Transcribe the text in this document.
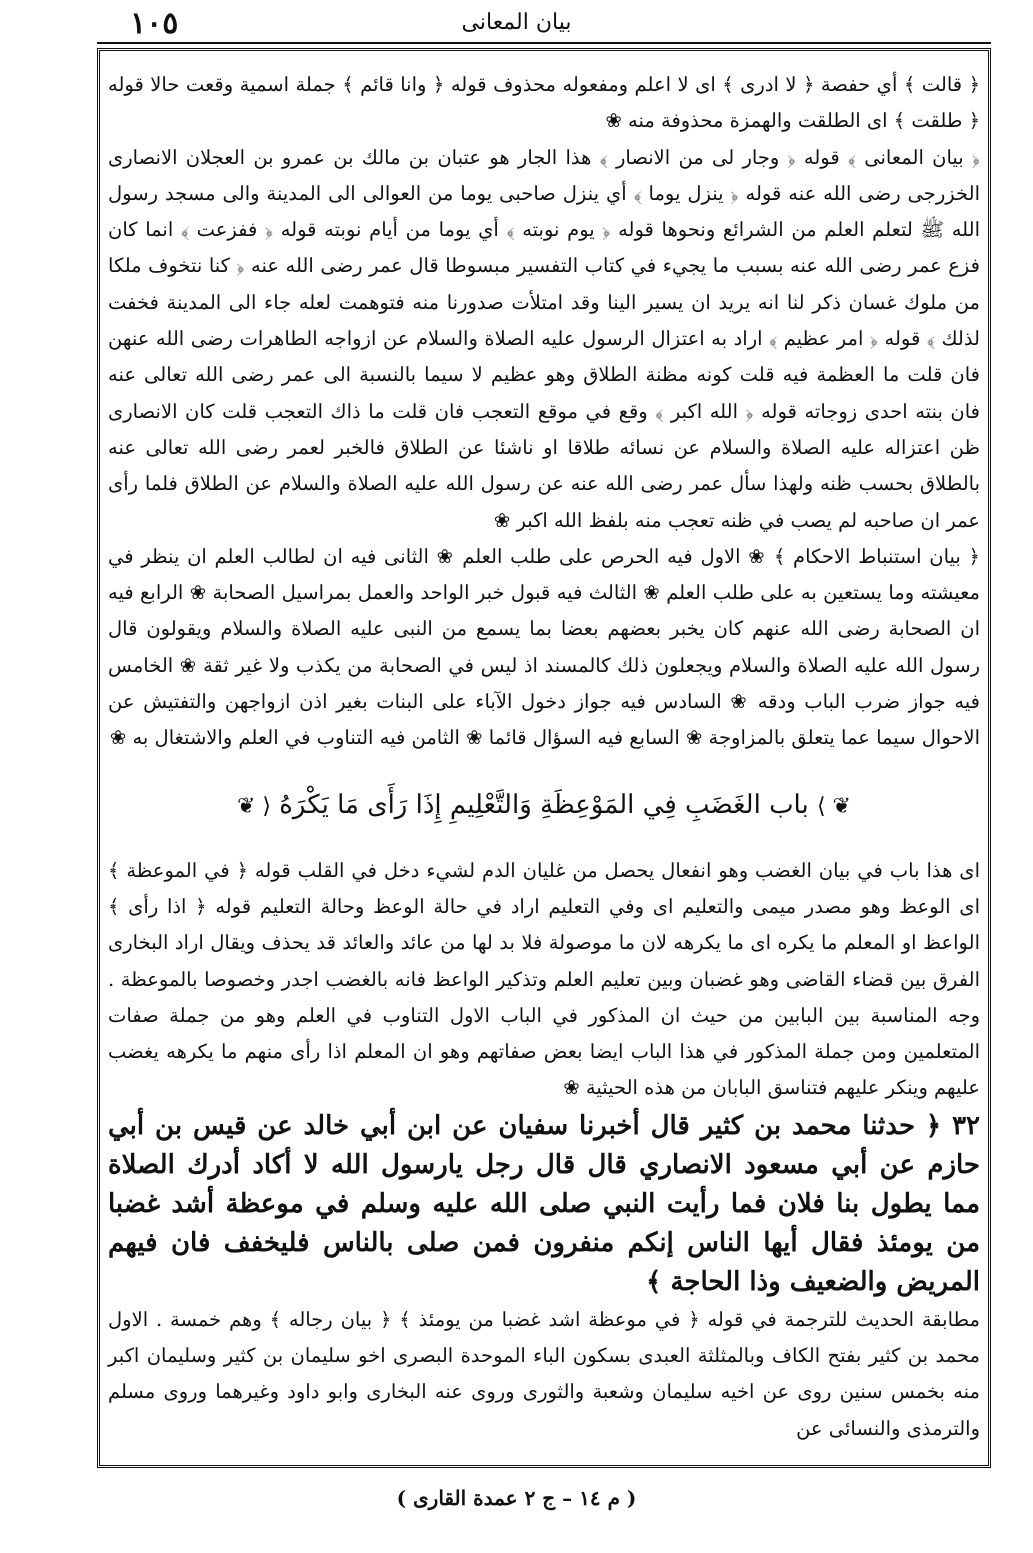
١٠٥	بيان المعانى

﴿ قالت ﴾ أي حفصة ﴿ لا ادرى ﴾ اى لا اعلم ومفعوله محذوف قوله ﴿ وانا قائم ﴾ جملة اسمية وقعت حالا قوله ﴿ طلقت ﴾ اى الطلقت والهمزة محذوفة منه ❀

﴿ بيان المعانى ﴾ قوله ﴿ وجار لى من الانصار ﴾ هذا الجار هو عتبان بن مالك بن عمرو بن العجلان الانصارى الخزرجى رضى الله عنه قوله ﴿ ينزل يوما ﴾ أي ينزل صاحبى يوما من العوالى الى المدينة والى مسجد رسول الله ﷺ لتعلم العلم من الشرائع ونحوها قوله ﴿ يوم نوبته ﴾ أي يوما من أيام نوبته قوله ﴿ ففزعت ﴾ انما كان فزع عمر رضى الله عنه بسبب ما يجيء في كتاب التفسير مبسوطا قال عمر رضى الله عنه ﴿ كنا نتخوف ملكا من ملوك غسان ذكر لنا انه يريد ان يسير الينا وقد امتلأت صدورنا منه فتوهمت لعله جاء الى المدينة فخفت لذلك ﴾ قوله ﴿ امر عظيم ﴾ اراد به اعتزال الرسول عليه الصلاة والسلام عن ازواجه الطاهرات رضى الله عنهن فان قلت ما العظمة فيه قلت كونه مظنة الطلاق وهو عظيم لا سيما بالنسبة الى عمر رضى الله تعالى عنه فان بنته احدى زوجاته قوله ﴿ الله اكبر ﴾ وقع في موقع التعجب فان قلت ما ذاك التعجب قلت كان الانصارى ظن اعتزاله عليه الصلاة والسلام عن نسائه طلاقا او ناشئا عن الطلاق فالخبر لعمر رضى الله تعالى عنه بالطلاق بحسب ظنه ولهذا سأل عمر رضى الله عنه عن رسول الله عليه الصلاة والسلام عن الطلاق فلما رأى عمر ان صاحبه لم يصب في ظنه تعجب منه بلفظ الله اكبر ❀

﴿ بيان استنباط الاحكام ﴾ ❀ الاول فيه الحرص على طلب العلم ❀ الثانى فيه ان لطالب العلم ان ينظر في معيشته وما يستعين به على طلب العلم ❀ الثالث فيه قبول خبر الواحد والعمل بمراسيل الصحابة ❀ الرابع فيه ان الصحابة رضى الله عنهم كان يخبر بعضهم بعضا بما يسمع من النبى عليه الصلاة والسلام ويقولون قال رسول الله عليه الصلاة والسلام ويجعلون ذلك كالمسند اذ ليس في الصحابة من يكذب ولا غير ثقة ❀ الخامس فيه جواز ضرب الباب ودقه ❀ السادس فيه جواز دخول الآباء على البنات بغير اذن ازواجهن والتفتيش عن الاحوال سيما عما يتعلق بالمزاوجة ❀ السابع فيه السؤال قائما ❀ الثامن فيه التناوب في العلم والاشتغال به ❀

❦ ⟩ باب الغَضَبِ فِي المَوْعِظَةِ وَالتَّعْلِيمِ إِذَا رَأَى مَا يَكْرَهُ ⟨ ❦

اى هذا باب في بيان الغضب وهو انفعال يحصل من غليان الدم لشيء دخل في القلب قوله ﴿ في الموعظة ﴾ اى الوعظ وهو مصدر ميمى والتعليم اى وفي التعليم اراد في حالة الوعظ وحالة التعليم قوله ﴿ اذا رأى ﴾ الواعظ او المعلم ما يكره اى ما يكرهه لان ما موصولة فلا بد لها من عائد والعائد قد يحذف ويقال اراد البخارى الفرق بين قضاء القاضى وهو غضبان وبين تعليم العلم وتذكير الواعظ فانه بالغضب اجدر وخصوصا بالموعظة . وجه المناسبة بين البابين من حيث ان المذكور في الباب الاول التناوب في العلم وهو من جملة صفات المتعلمين ومن جملة المذكور في هذا الباب ايضا بعض صفاتهم وهو ان المعلم اذا رأى منهم ما يكرهه يغضب عليهم وينكر عليهم فتناسق البابان من هذه الحيثية ❀

٣٢ ﴿ حدثنا محمد بن كثير قال أخبرنا سفيان عن ابن أبي خالد عن قيس بن أبي حازم عن أبي مسعود الانصاري قال قال رجل يارسول الله لا أكاد أدرك الصلاة مما يطول بنا فلان فما رأيت النبي صلى الله عليه وسلم في موعظة أشد غضبا من يومئذ فقال أيها الناس إنكم منفرون فمن صلى بالناس فليخفف فان فيهم المريض والضعيف وذا الحاجة ﴾

مطابقة الحديث للترجمة في قوله ﴿ في موعظة اشد غضبا من يومئذ ﴾ ﴿ بيان رجاله ﴾ وهم خمسة . الاول محمد بن كثير بفتح الكاف وبالمثلثة العبدى بسكون الباء الموحدة البصرى اخو سليمان بن كثير وسليمان اكبر منه بخمس سنين روى عن اخيه سليمان وشعبة والثورى وروى عنه البخارى وابو داود وغيرهما وروى مسلم والترمذى والنسائى عن

( م ١٤ – ج ٢ عمدة القارى )
